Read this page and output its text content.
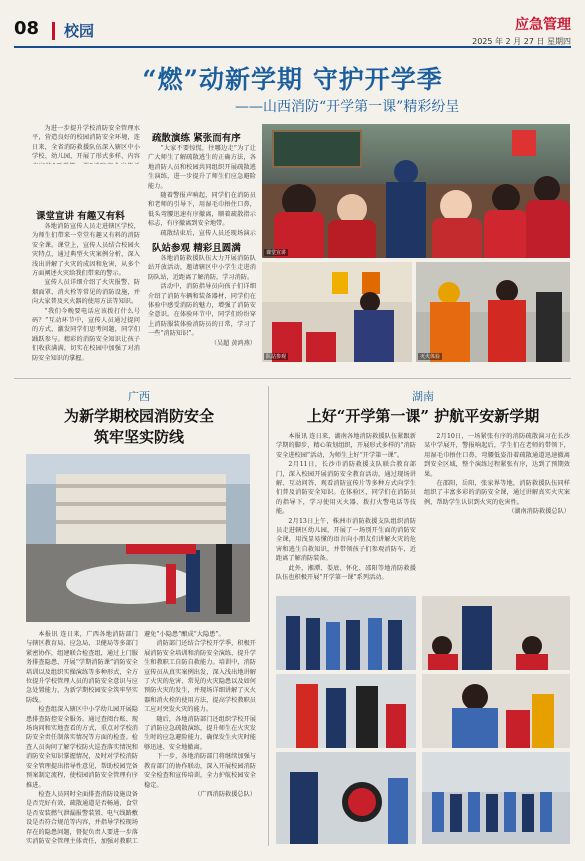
08 校园	应急管理
2025 年 2 月 27 日 星期四
“燃”动新学期 守护开学季
——山西消防“开学第一课”精彩纷呈

为进一步提升学校消防安全管理水平，营造良好的校园消防安全环境，连日来，全省消防救援队伍深入辖区中小学校、幼儿园，开展了形式多样、内容

课堂宣讲 有趣又有料

各地消防宣传人员走进辖区学校，为师生们带来一堂堂有趣又有料的消防安全课。课堂上，宣传人员结合校园火灾特点，通过典型火灾案例分析，深入浅出讲解了火灾的成因和危害，从多个方面阐述火灾给我们带来的警示。

宣传人员详细介绍了火灾报警、防烟面罩、消火栓等常见的消防设施，并向大家普及灭火器的使用方法等知识。

“我们今晚要电话应该拨打什么号码？”互动环节中，宣传人员通过提问的方式，激发同学们思考问题，同学们踊跃参与。精彩的消防安全知识让孩子们收获满满，切实在校园中加强了对消防安全知识的掌握。

疏散演练 紧张而有序

“大家不要惊慌，往哪边走”为了让广大师生了解疏散逃生的正确方法，各地消防人员和校园共同组织开展疏散逃生演练，进一步提升了师生们应急避险能力。

随着警报声响起，同学们在消防员和老师的引导下，用湿毛巾捂住口鼻，低头弯腰迅速有序撤离，顺着疏散指示标志，有序撤离到安全地带。

疏散结束后，宣传人员还现场演示

队站参观 精彩且圆满

各地消防救援队伍大力开展消防队站开放活动，邀请辖区中小学生走进消防队站，近距离了解消防，学习消防。

活动中，消防指导员向孩子们详细介绍了消防车辆和装备器材，同学们在体验中感受消防的魅力，增强了消防安全意识。在体验环节中，同学们纷纷穿上消防服装体验消防员的日常，学习了一些“消防知识”。

（吴超 黄鸿燕）

课堂宣讲
队站参观	灭火体验
广西
为新学期校园消防安全
筑牢坚实防线

本报讯 连日来，广西各地消防部门与辖区教育局、应急局、卫健局等多部门紧密协作，组建联合检查组，通过上门服务排查隐患、开展“学期消防课”消防安全培训以及组织实操演练等多种形式，全方位提升学校管理人员的消防安全意识与应急处置能力，为新学期校园安全筑牢坚实防线。

检查组深入辖区中小学幼儿园开展隐患排查防控安全服务。通过查阅台账、现场询问和实地查看的方式，重点对学校消防安全责任制落实情况等方面的检查。检查人员询问了解学校防火巡查落实情况和消防安全知识掌握情况，及时对学校消防安全管理提出指导性意见，帮助校园完备预案制定流程，使校园消防安全管理有序推进。

检查人员同时全面排查消防设施设备是否完好有效，疏散通道是否畅通，食堂是否安装燃气泄漏报警装置、电气线路敷设是否符合规范等内容，并指导学校现场存在的隐患问题，督促负责人要进一步落实消防安全管理主体责任，加强对教职工

避免“小隐患”酿成“大隐患”。

消防部门还结合学校开学季，积极开展消防安全培训和消防安全演练，提升学生和教职工自防自救能力。培训中，消防宣传员从真实案例出发，深入浅出地讲解了火灾的危害、常见的火灾隐患以及如何预防火灾的发生，并现场详细讲解了灭火器和消火栓的使用方法，提高学校教职员工应对突发火灾的能力。

随后，各地消防部门还组织学校开展了消防应急疏散演练，提升师生在火灾发生时的应急避险能力，确保发生火灾时能够迅速、安全地撤离。

下一步，各地消防部门将继续加强与教育部门的协作联动，深入开展校园消防安全检查和宣传培训，全力护航校园安全稳定。

（广西消防救援总队）

湖南
上好“开学第一课” 护航平安新学期

本报讯 连日来，湖南各地消防救援队伍紧跟新学期的脚步，精心策划组织，开展形式多样的“消防安全进校园”活动，为师生上好“开学第一课”。

2月11日，长沙市消防救援支队联合教育部门，深入校园开展消防安全教育活动，通过现场讲解、互动问答、观看消防宣传片等多种方式向学生们普及消防安全知识。在体验区，同学们在消防员的指导下，学习使用灭火器、拨打火警电话等技能。

2月13日上午，株洲市消防救援支队组织消防员走进辖区幼儿园，开展了一场别开生面的消防安全课，用浅显易懂的语言向小朋友们讲解火灾的危害和逃生自救知识，并带领孩子们参观消防车，近距离了解消防装备。

此外，湘潭、娄底、怀化、邵阳等地消防救援队伍也积极开展“开学第一课”系列活动。

2月10日，一场紧张有序的消防疏散演习在长沙某中学展开，警报响起后，学生们在老师的带领下，用湿毛巾捂住口鼻，弯腰低姿沿着疏散通道迅速撤离到安全区域，整个演练过程紧张有序，达到了预期效果。

在邵阳，岳阳，张家界等地，消防救援队伍同样组织了丰富多彩的消防安全课，通过讲解真实火灾案例，帮助学生认识到火灾的危害性。

（湖南消防救援总队）
